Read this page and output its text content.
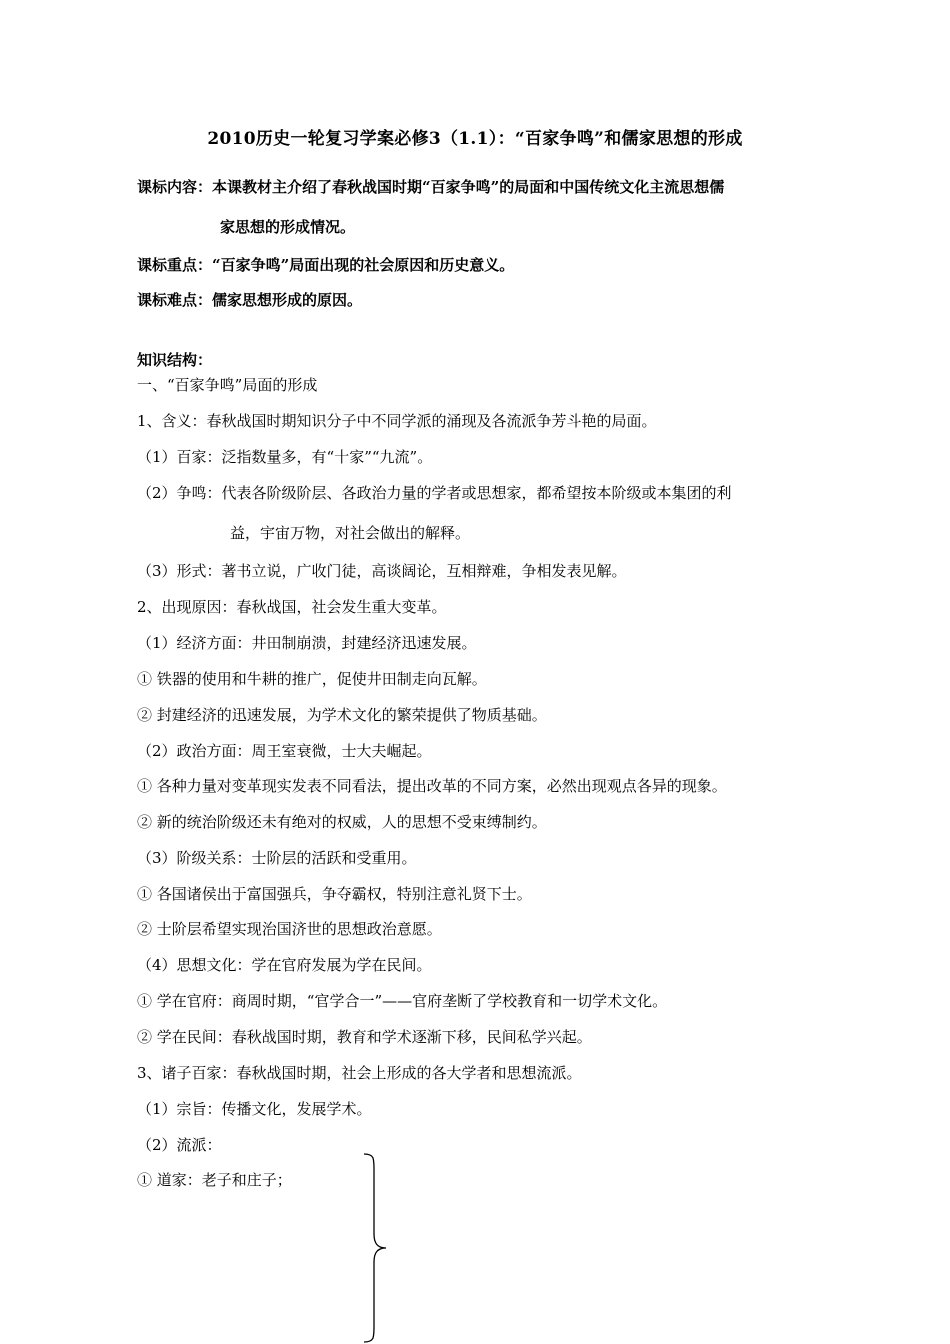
2010历史一轮复习学案必修3（1.1）：“百家争鸣”和儒家思想的形成
课标内容：本课教材主介绍了春秋战国时期“百家争鸣”的局面和中国传统文化主流思想儒
家思想的形成情况。
课标重点：“百家争鸣”局面出现的社会原因和历史意义。
课标难点：儒家思想形成的原因。
知识结构：
一、“百家争鸣”局面的形成
1、含义：春秋战国时期知识分子中不同学派的涌现及各流派争芳斗艳的局面。
（1）百家：泛指数量多，有“十家”“九流”。
（2）争鸣：代表各阶级阶层、各政治力量的学者或思想家，都希望按本阶级或本集团的利
益，宇宙万物，对社会做出的解释。
（3）形式：著书立说，广收门徒，高谈阔论，互相辩难，争相发表见解。
2、出现原因：春秋战国，社会发生重大变革。
（1）经济方面：井田制崩溃，封建经济迅速发展。
① 铁器的使用和牛耕的推广，促使井田制走向瓦解。
② 封建经济的迅速发展，为学术文化的繁荣提供了物质基础。
（2）政治方面：周王室衰微，士大夫崛起。
① 各种力量对变革现实发表不同看法，提出改革的不同方案，必然出现观点各异的现象。
② 新的统治阶级还未有绝对的权威，人的思想不受束缚制约。
（3）阶级关系：士阶层的活跃和受重用。
① 各国诸侯出于富国强兵，争夺霸权，特别注意礼贤下士。
② 士阶层希望实现治国济世的思想政治意愿。
（4）思想文化：学在官府发展为学在民间。
① 学在官府：商周时期，“官学合一”——官府垄断了学校教育和一切学术文化。
② 学在民间：春秋战国时期，教育和学术逐渐下移，民间私学兴起。
3、诸子百家：春秋战国时期，社会上形成的各大学者和思想流派。
（1）宗旨：传播文化，发展学术。
（2）流派：
① 道家：老子和庄子；
